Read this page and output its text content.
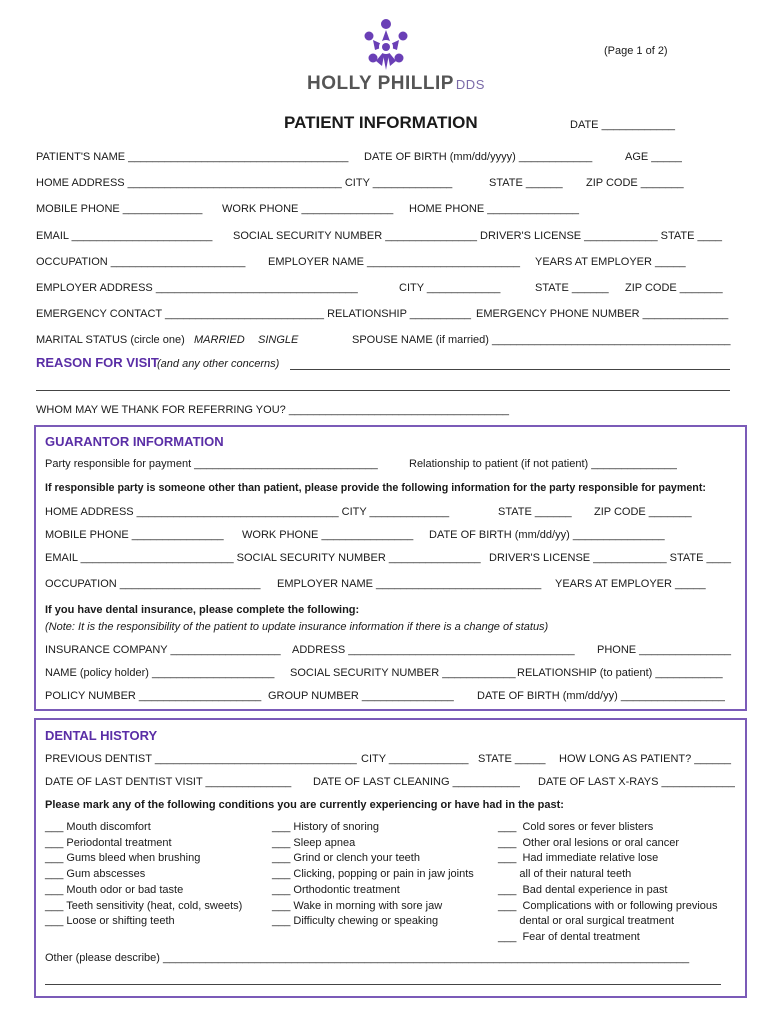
(Page 1 of 2)
HOLLY PHILLIP DDS
PATIENT INFORMATION	DATE ____________
PATIENT'S NAME ____________________________________ DATE OF BIRTH (mm/dd/yyyy) ____________	AGE _____
HOME ADDRESS ___________________________________ CITY _____________	STATE ______ ZIP CODE _______
MOBILE PHONE _____________ WORK PHONE _______________ HOME PHONE _______________
EMAIL _______________________ SOCIAL SECURITY NUMBER _______________ DRIVER'S LICENSE ____________ STATE ____
OCCUPATION ______________________ EMPLOYER NAME _________________________ YEARS AT EMPLOYER _____
EMPLOYER ADDRESS _________________________________	CITY ____________	STATE ______ ZIP CODE _______
EMERGENCY CONTACT __________________________ RELATIONSHIP __________ EMERGENCY PHONE NUMBER ______________
MARITAL STATUS (circle one) MARRIED SINGLE	SPOUSE NAME (if married) _______________________________________
REASON FOR VISIT
(and any other concerns)
WHOM MAY WE THANK FOR REFERRING YOU? ____________________________________
GUARANTOR INFORMATION
Party responsible for payment ______________________________	Relationship to patient (if not patient) ______________
If responsible party is someone other than patient, please provide the following information for the party responsible for payment:
HOME ADDRESS _________________________________ CITY _____________	STATE ______ ZIP CODE _______
MOBILE PHONE _______________ WORK PHONE _______________ DATE OF BIRTH (mm/dd/yy) _______________
EMAIL _________________________ SOCIAL SECURITY NUMBER _______________ DRIVER'S LICENSE ____________ STATE ____
OCCUPATION _______________________ EMPLOYER NAME ___________________________ YEARS AT EMPLOYER _____
If you have dental insurance, please complete the following:
(Note: It is the responsibility of the patient to update insurance information if there is a change of status)
INSURANCE COMPANY __________________ ADDRESS _____________________________________ PHONE _______________
NAME (policy holder) ____________________ SOCIAL SECURITY NUMBER ____________ RELATIONSHIP (to patient) ___________
POLICY NUMBER ____________________ GROUP NUMBER _______________ DATE OF BIRTH (mm/dd/yy) _________________
DENTAL HISTORY
PREVIOUS DENTIST _________________________________ CITY _____________ STATE _____ HOW LONG AS PATIENT? ______
DATE OF LAST DENTIST VISIT ______________ DATE OF LAST CLEANING ___________ DATE OF LAST X-RAYS ____________
Please mark any of the following conditions you are currently experiencing or have had in the past:
___ Mouth discomfort
___ Periodontal treatment
___ Gums bleed when brushing
___ Gum abscesses
___ Mouth odor or bad taste
___ Teeth sensitivity (heat, cold, sweets)
___ Loose or shifting teeth
___ History of snoring
___ Sleep apnea
___ Grind or clench your teeth
___ Clicking, popping or pain in jaw joints
___ Orthodontic treatment
___ Wake in morning with sore jaw
___ Difficulty chewing or speaking
___  Cold sores or fever blisters
___  Other oral lesions or oral cancer
___  Had immediate relative lose
all of their natural teeth
___  Bad dental experience in past
___  Complications with or following previous
dental or oral surgical treatment
___  Fear of dental treatment
Other (please describe) ______________________________________________________________________________________
